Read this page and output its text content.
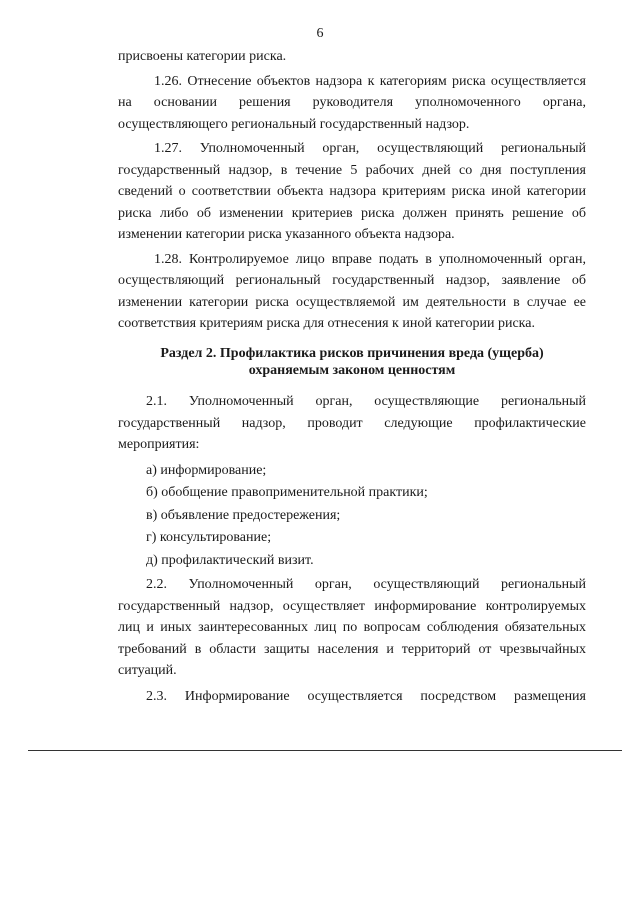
6

присвоены категории риска.

1.26. Отнесение объектов надзора к категориям риска осуществляется на основании решения руководителя уполномоченного органа, осуществляющего региональный государственный надзор.

1.27. Уполномоченный орган, осуществляющий региональный государственный надзор, в течение 5 рабочих дней со дня поступления сведений о соответствии объекта надзора критериям риска иной категории риска либо об изменении критериев риска должен принять решение об изменении категории риска указанного объекта надзора.

1.28. Контролируемое лицо вправе подать в уполномоченный орган, осуществляющий региональный государственный надзор, заявление об изменении категории риска осуществляемой им деятельности в случае ее соответствия критериям риска для отнесения к иной категории риска.

Раздел 2. Профилактика рисков причинения вреда (ущерба)
охраняемым законом ценностям

2.1. Уполномоченный орган, осуществляющие региональный государственный надзор, проводит следующие профилактические мероприятия:

а) информирование;

б) обобщение правоприменительной практики;

в) объявление предостережения;

г) консультирование;

д) профилактический визит.

2.2. Уполномоченный орган, осуществляющий региональный государственный надзор, осуществляет информирование контролируемых лиц и иных заинтересованных лиц по вопросам соблюдения обязательных требований в области защиты населения и территорий от чрезвычайных ситуаций.

2.3. Информирование осуществляется посредством размещения
